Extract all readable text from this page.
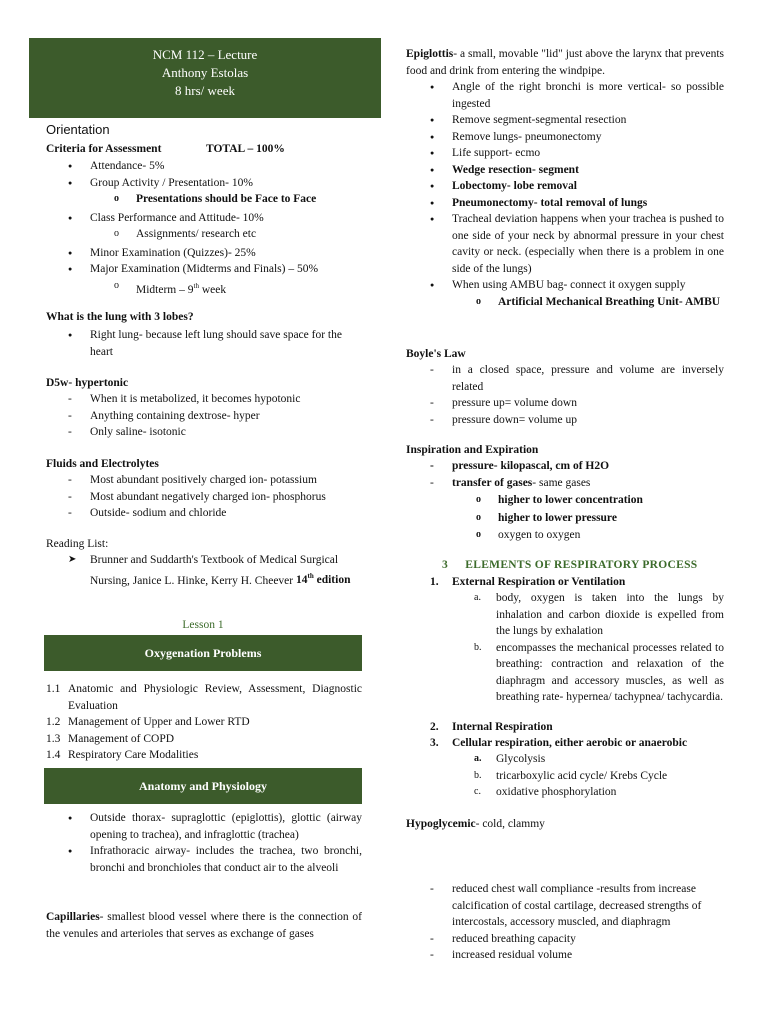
NCM 112 – Lecture
Anthony Estolas
8 hrs/ week
Orientation
Criteria for Assessment	TOTAL – 100%
● Attendance- 5%
● Group Activity / Presentation- 10%
o Presentations should be Face to Face
● Class Performance and Attitude- 10%
o Assignments/ research etc
● Minor Examination (Quizzes)- 25%
● Major Examination (Midterms and Finals) – 50%
o Midterm – 9th week
What is the lung with 3 lobes?
● Right lung- because left lung should save space for the heart
D5w- hypertonic
- When it is metabolized, it becomes hypotonic
- Anything containing dextrose- hyper
- Only saline- isotonic
Fluids and Electrolytes
- Most abundant positively charged ion- potassium
- Most abundant negatively charged ion- phosphorus
- Outside- sodium and chloride
Reading List:
➤ Brunner and Suddarth's Textbook of Medical Surgical Nursing, Janice L. Hinke, Kerry H. Cheever 14th edition
Lesson 1
Oxygenation Problems
1.1 Anatomic and Physiologic Review, Assessment, Diagnostic Evaluation
1.2 Management of Upper and Lower RTD
1.3 Management of COPD
1.4 Respiratory Care Modalities
Anatomy and Physiology
● Outside thorax- supraglottic (epiglottis), glottic (airway opening to trachea), and infraglottic (trachea)
● Infrathoracic airway- includes the trachea, two bronchi, bronchi and bronchioles that conduct air to the alveoli
Capillaries- smallest blood vessel where there is the connection of the venules and arterioles that serves as exchange of gases
Epiglottis- a small, movable "lid" just above the larynx that prevents food and drink from entering the windpipe.
● Angle of the right bronchi is more vertical- so possible ingested
● Remove segment-segmental resection
● Remove lungs- pneumonectomy
● Life support- ecmo
● Wedge resection- segment
● Lobectomy- lobe removal
● Pneumonectomy- total removal of lungs
● Tracheal deviation happens when your trachea is pushed to one side of your neck by abnormal pressure in your chest cavity or neck. (especially when there is a problem in one side of the lungs)
● When using AMBU bag- connect it oxygen supply
o Artificial Mechanical Breathing Unit- AMBU
Boyle's Law
- in a closed space, pressure and volume are inversely related
- pressure up= volume down
- pressure down= volume up
Inspiration and Expiration
- pressure- kilopascal, cm of H2O
- transfer of gases- same gases
o higher to lower concentration
o higher to lower pressure
o oxygen to oxygen
3 ELEMENTS OF RESPIRATORY PROCESS
1. External Respiration or Ventilation
a. body, oxygen is taken into the lungs by inhalation and carbon dioxide is expelled from the lungs by exhalation
b. encompasses the mechanical processes related to breathing: contraction and relaxation of the diaphragm and accessory muscles, as well as breathing rate- hypernea/ tachypnea/ tachycardia.
2. Internal Respiration
3. Cellular respiration, either aerobic or anaerobic
a. Glycolysis
b. tricarboxylic acid cycle/ Krebs Cycle
c. oxidative phosphorylation
Hypoglycemic- cold, clammy
- reduced chest wall compliance -results from increase calcification of costal cartilage, decreased strengths of intercostals, accessory muscled, and diaphragm
- reduced breathing capacity
- increased residual volume
